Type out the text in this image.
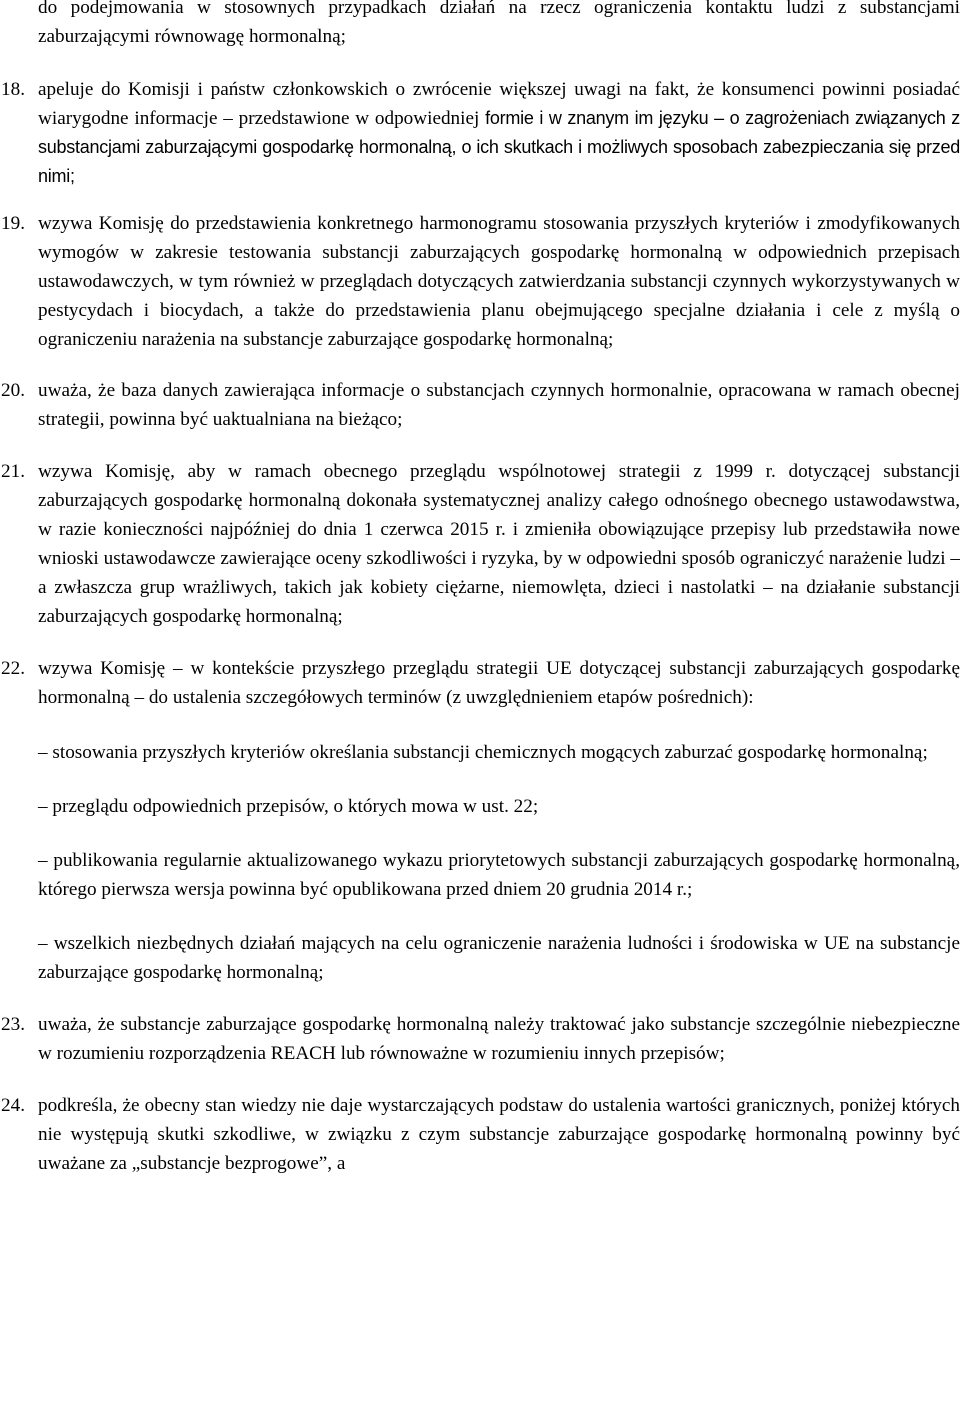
do podejmowania w stosownych przypadkach działań na rzecz ograniczenia kontaktu ludzi z substancjami zaburzającymi równowagę hormonalną;
18. apeluje do Komisji i państw członkowskich o zwrócenie większej uwagi na fakt, że konsumenci powinni posiadać wiarygodne informacje – przedstawione w odpowiedniej formie i w znanym im języku – o zagrożeniach związanych z substancjami zaburzającymi gospodarkę hormonalną, o ich skutkach i możliwych sposobach zabezpieczania się przed nimi;
19. wzywa Komisję do przedstawienia konkretnego harmonogramu stosowania przyszłych kryteriów i zmodyfikowanych wymogów w zakresie testowania substancji zaburzających gospodarkę hormonalną w odpowiednich przepisach ustawodawczych, w tym również w przeglądach dotyczących zatwierdzania substancji czynnych wykorzystywanych w pestycydach i biocydach, a także do przedstawienia planu obejmującego specjalne działania i cele z myślą o ograniczeniu narażenia na substancje zaburzające gospodarkę hormonalną;
20. uważa, że baza danych zawierająca informacje o substancjach czynnych hormonalnie, opracowana w ramach obecnej strategii, powinna być uaktualniana na bieżąco;
21. wzywa Komisję, aby w ramach obecnego przeglądu wspólnotowej strategii z 1999 r. dotyczącej substancji zaburzających gospodarkę hormonalną dokonała systematycznej analizy całego odnośnego obecnego ustawodawstwa, w razie konieczności najpóźniej do dnia 1 czerwca 2015 r. i zmieniła obowiązujące przepisy lub przedstawiła nowe wnioski ustawodawcze zawierające oceny szkodliwości i ryzyka, by w odpowiedni sposób ograniczyć narażenie ludzi – a zwłaszcza grup wrażliwych, takich jak kobiety ciężarne, niemowlęta, dzieci i nastolatki – na działanie substancji zaburzających gospodarkę hormonalną;
22. wzywa Komisję – w kontekście przyszłego przeglądu strategii UE dotyczącej substancji zaburzających gospodarkę hormonalną – do ustalenia szczegółowych terminów (z uwzględnieniem etapów pośrednich):
– stosowania przyszłych kryteriów określania substancji chemicznych mogących zaburzać gospodarkę hormonalną;
– przeglądu odpowiednich przepisów, o których mowa w ust. 22;
– publikowania regularnie aktualizowanego wykazu priorytetowych substancji zaburzających gospodarkę hormonalną, którego pierwsza wersja powinna być opublikowana przed dniem 20 grudnia 2014 r.;
– wszelkich niezbędnych działań mających na celu ograniczenie narażenia ludności i środowiska w UE na substancje zaburzające gospodarkę hormonalną;
23. uważa, że substancje zaburzające gospodarkę hormonalną należy traktować jako substancje szczególnie niebezpieczne w rozumieniu rozporządzenia REACH lub równoważne w rozumieniu innych przepisów;
24. podkreśla, że obecny stan wiedzy nie daje wystarczających podstaw do ustalenia wartości granicznych, poniżej których nie występują skutki szkodliwe, w związku z czym substancje zaburzające gospodarkę hormonalną powinny być uważane za „substancje bezprogowe”, a
